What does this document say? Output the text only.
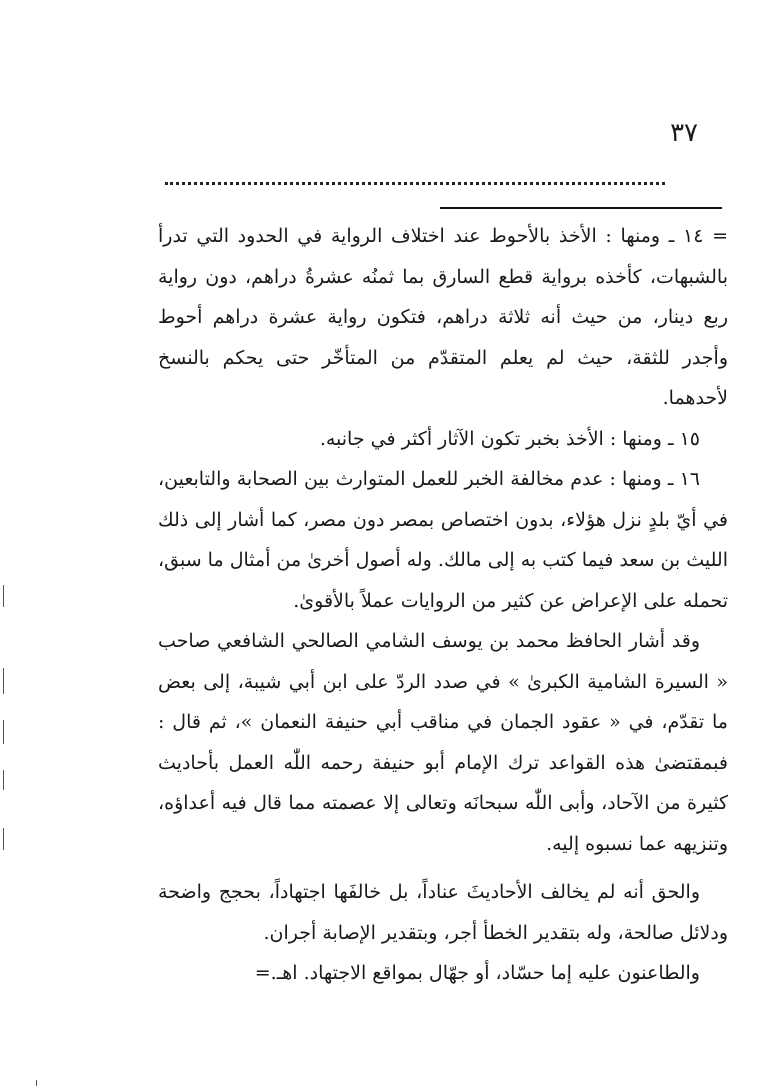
٣٧

= ١٤ ـ ومنها : الأخذ بالأحوط عند اختلاف الرواية في الحدود التي تدرأ بالشبهات، كأخذه برواية قطع السارق بما ثمنُه عشرةُ دراهم، دون رواية ربع دينار، من حيث أنه ثلاثة دراهم، فتكون رواية عشرة دراهم أحوط وأجدر للثقة، حيث لم يعلم المتقدّم من المتأخّر حتى يحكم بالنسخ لأحدهما.

١٥ ـ ومنها : الأخذ بخبر تكون الآثار أكثر في جانبه.

١٦ ـ ومنها : عدم مخالفة الخبر للعمل المتوارث بين الصحابة والتابعين، في أيّ بلدٍ نزل هؤلاء، بدون اختصاص بمصر دون مصر، كما أشار إلى ذلك الليث بن سعد فيما كتب به إلى مالك. وله أصول أخرىٰ من أمثال ما سبق، تحمله على الإعراض عن كثير من الروايات عملاً بالأقوىٰ.

وقد أشار الحافظ محمد بن يوسف الشامي الصالحي الشافعي صاحب « السيرة الشامية الكبرىٰ » في صدد الردّ على ابن أبي شيبة، إلى بعض ما تقدّم، في « عقود الجمان في مناقب أبي حنيفة النعمان »، ثم قال : فبمقتضىٰ هذه القواعد ترك الإمام أبو حنيفة رحمه اللّٰه العمل بأحاديث كثيرة من الآحاد، وأبى اللّٰه سبحانَه وتعالى إلا عصمته مما قال فيه أعداؤه، وتنزيهه عما نسبوه إليه.

والحق أنه لم يخالف الأحاديثَ عناداً، بل خالفَها اجتهاداً، بحجج واضحة ودلائل صالحة، وله بتقدير الخطأ أجر، وبتقدير الإصابة أجران.

والطاعنون عليه إما حسّاد، أو جهّال بمواقع الاجتهاد. اهـ.=
